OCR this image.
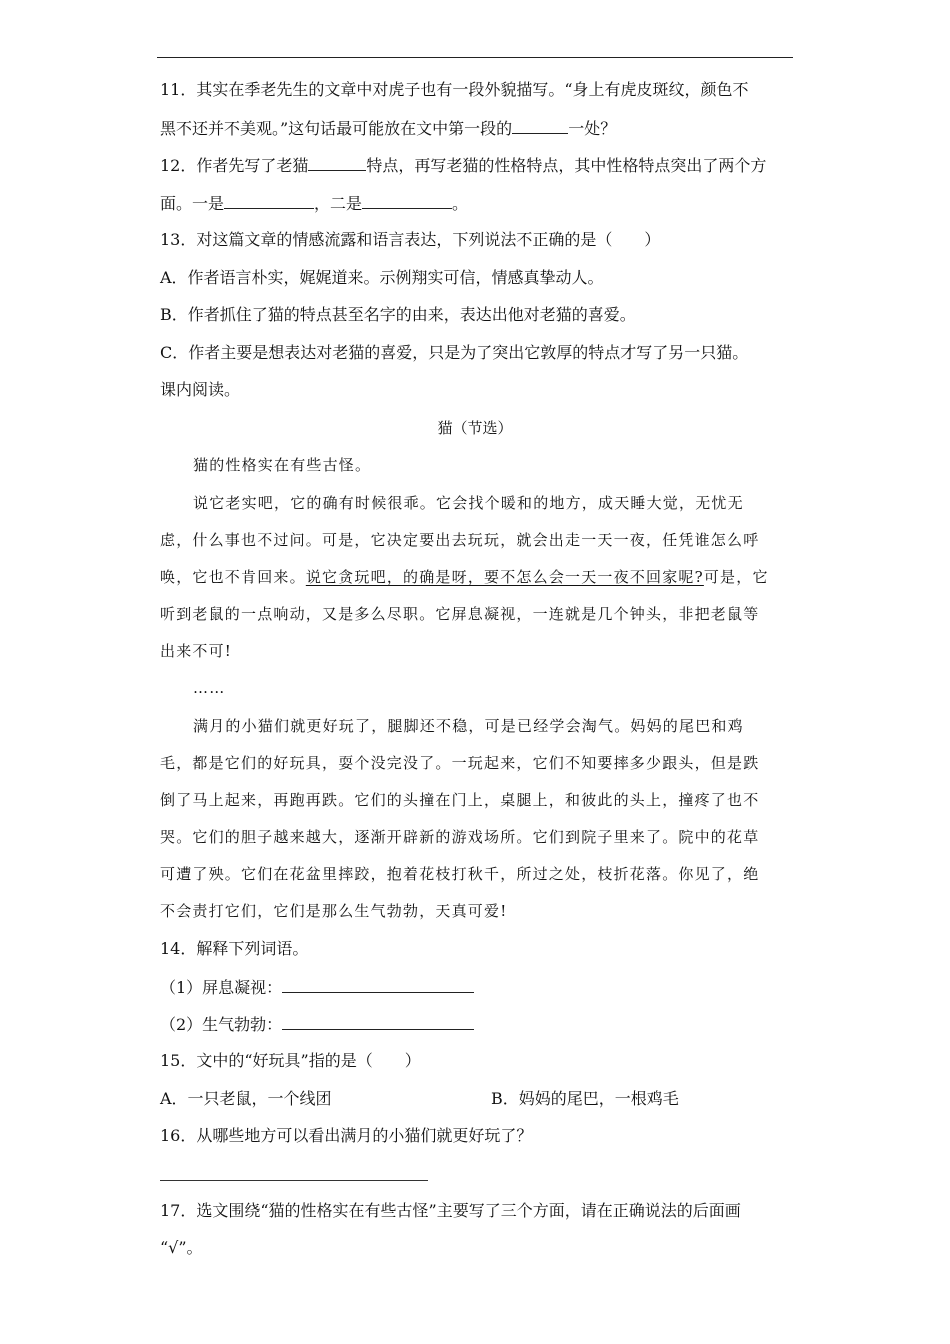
11．其实在季老先生的文章中对虎子也有一段外貌描写。“身上有虎皮斑纹，颜色不
黑不还并不美观。”这句话最可能放在文中第一段的	一处？
12．作者先写了老猫	特点，再写老猫的性格特点，其中性格特点突出了两个方
面。一是	，二是	。
13．对这篇文章的情感流露和语言表达，下列说法不正确的是（　　）
A．作者语言朴实，娓娓道来。示例翔实可信，情感真挚动人。
B．作者抓住了猫的特点甚至名字的由来，表达出他对老猫的喜爱。
C．作者主要是想表达对老猫的喜爱，只是为了突出它敦厚的特点才写了另一只猫。
课内阅读。
猫（节选）
猫的性格实在有些古怪。
说它老实吧，它的确有时候很乖。它会找个暖和的地方，成天睡大觉，无忧无
虑，什么事也不过问。可是，它决定要出去玩玩，就会出走一天一夜，任凭谁怎么呼
唤，它也不肯回来。说它贪玩吧，的确是呀，要不怎么会一天一夜不回家呢?可是，它
听到老鼠的一点响动，又是多么尽职。它屏息凝视，一连就是几个钟头，非把老鼠等
出来不可!
……
满月的小猫们就更好玩了，腿脚还不稳，可是已经学会淘气。妈妈的尾巴和鸡
毛，都是它们的好玩具，耍个没完没了。一玩起来，它们不知要摔多少跟头，但是跌
倒了马上起来，再跑再跌。它们的头撞在门上，桌腿上，和彼此的头上，撞疼了也不
哭。它们的胆子越来越大，逐渐开辟新的游戏场所。它们到院子里来了。院中的花草
可遭了殃。它们在花盆里摔跤，抱着花枝打秋千，所过之处，枝折花落。你见了，绝
不会责打它们，它们是那么生气勃勃，天真可爱!
14．解释下列词语。
（1）屏息凝视：
（2）生气勃勃：
15．文中的“好玩具”指的是（　　）
A．一只老鼠，一个线团	B．妈妈的尾巴，一根鸡毛
16．从哪些地方可以看出满月的小猫们就更好玩了？
17．选文围绕“猫的性格实在有些古怪”主要写了三个方面，请在正确说法的后面画
“√”。
